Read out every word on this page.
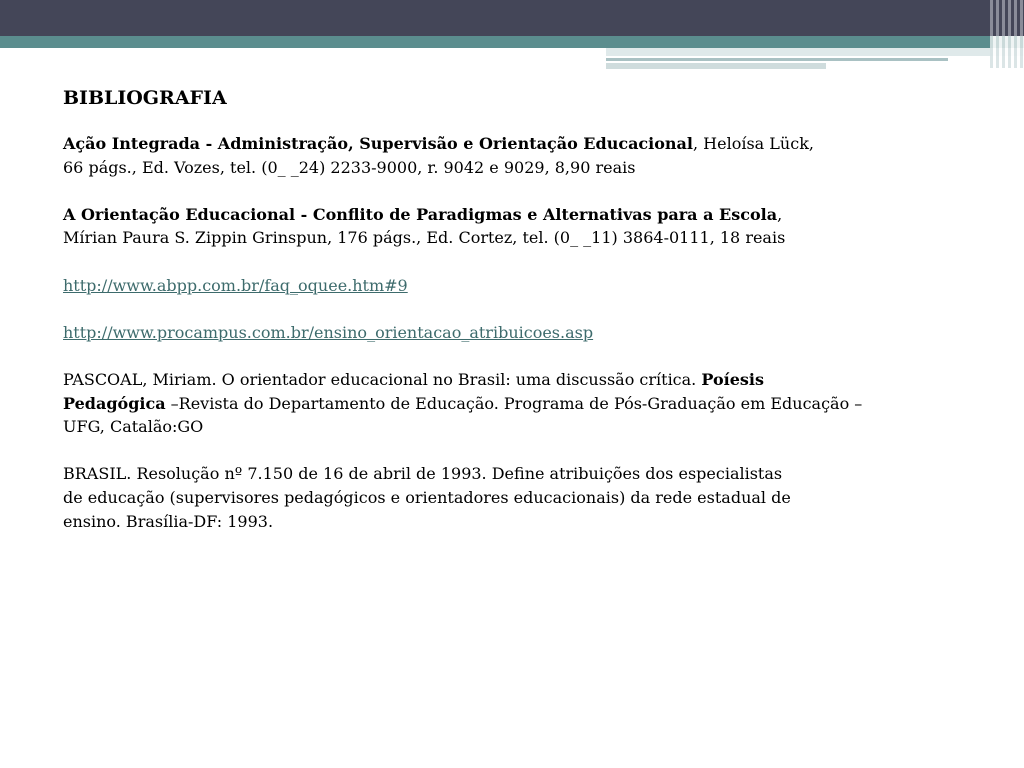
BIBLIOGRAFIA

Ação Integrada - Administração, Supervisão e Orientação Educacional, Heloísa Lück,

66 págs., Ed. Vozes, tel. (0_ _24) 2233-9000, r. 9042 e 9029, 8,90 reais

A Orientação Educacional - Conflito de Paradigmas e Alternativas para a Escola,

Mírian Paura S. Zippin Grinspun, 176 págs., Ed. Cortez, tel. (0_ _11) 3864-0111, 18 reais

http://www.abpp.com.br/faq_oquee.htm#9
http://www.procampus.com.br/ensino_orientacao_atribuicoes.asp

PASCOAL, Miriam. O orientador educacional no Brasil: uma discussão crítica. Poíesis

Pedagógica –Revista do Departamento de Educação. Programa de Pós-Graduação em Educação –

UFG, Catalão:GO

BRASIL. Resolução nº 7.150 de 16 de abril de 1993. Define atribuições dos especialistas

de educação (supervisores pedagógicos e orientadores educacionais) da rede estadual de

ensino. Brasília-DF: 1993.
